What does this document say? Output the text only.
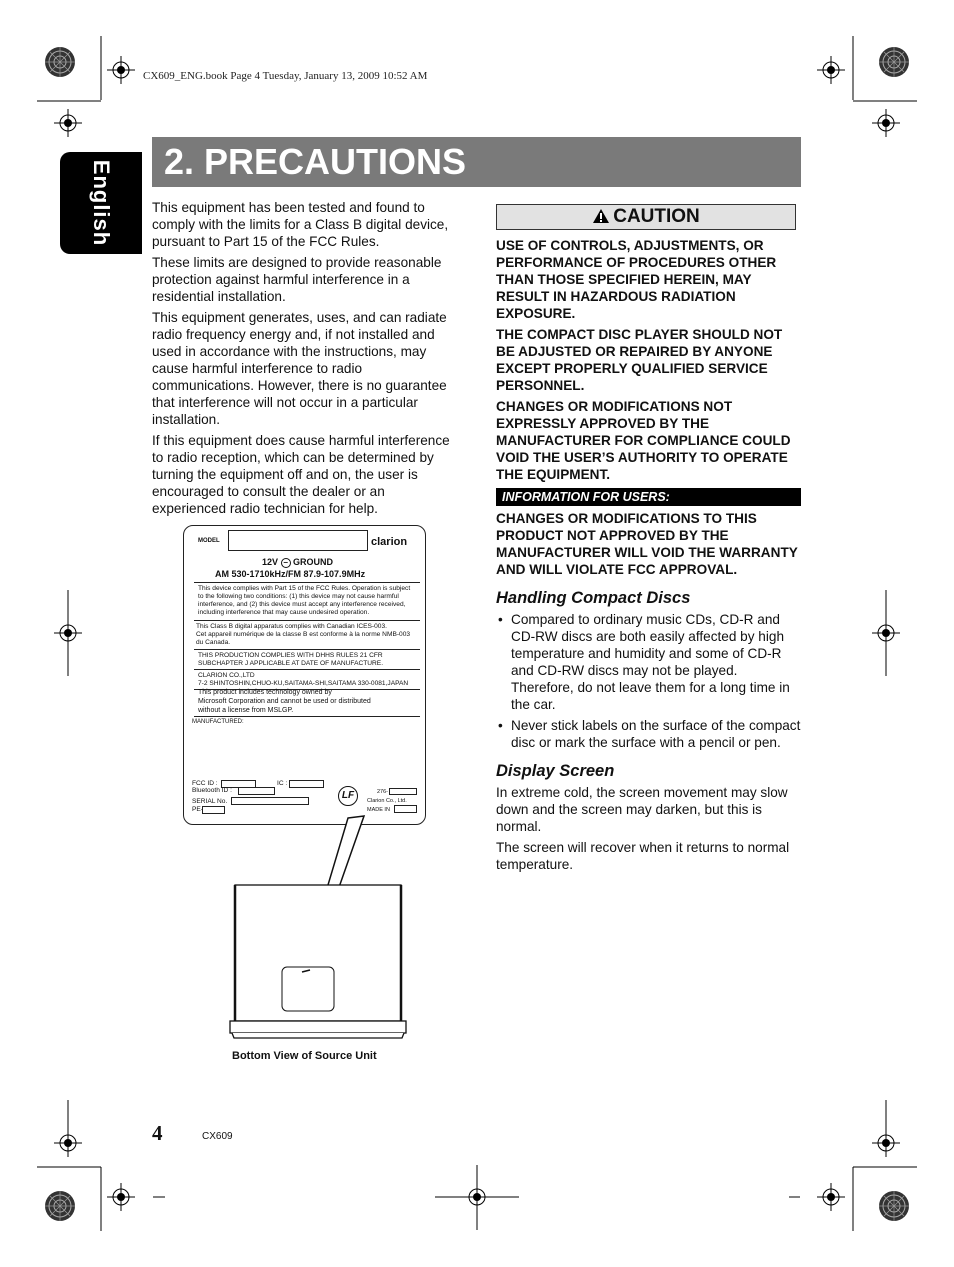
CX609_ENG.book Page 4 Tuesday, January 13, 2009 10:52 AM
English 2. PRECAUTIONS

This equipment has been tested and found to comply with the limits for a Class B digital device, pursuant to Part 15 of the FCC Rules.

These limits are designed to provide reasonable protection against harmful interference in a residential installation.

This equipment generates, uses, and can radiate radio frequency energy and, if not installed and used in accordance with the instructions, may cause harmful interference to radio communications. However, there is no guarantee that interference will not occur in a particular installation.

If this equipment does cause harmful interference to radio reception, which can be determined by turning the equipment off and on, the user is encouraged to consult the dealer or an experienced radio technician for help.

CAUTION

USE OF CONTROLS, ADJUSTMENTS, OR PERFORMANCE OF PROCEDURES OTHER THAN THOSE SPECIFIED HEREIN, MAY RESULT IN HAZARDOUS RADIATION EXPOSURE.

THE COMPACT DISC PLAYER SHOULD NOT BE ADJUSTED OR REPAIRED BY ANYONE EXCEPT PROPERLY QUALIFIED SERVICE PERSONNEL.

CHANGES OR MODIFICATIONS NOT EXPRESSLY APPROVED BY THE MANUFACTURER FOR COMPLIANCE COULD VOID THE USER’S AUTHORITY TO OPERATE THE EQUIPMENT.

INFORMATION FOR USERS:

CHANGES OR MODIFICATIONS TO THIS PRODUCT NOT APPROVED BY THE MANUFACTURER WILL VOID THE WARRANTY AND WILL VIOLATE FCC APPROVAL.

Handling Compact Discs
• Compared to ordinary music CDs, CD-R and CD-RW discs are both easily affected by high temperature and humidity and some of CD-R and CD-RW discs may not be played. Therefore, do not leave them for a long time in the car.
• Never stick labels on the surface of the compact disc or mark the surface with a pencil or pen.
Display Screen

In extreme cold, the screen movement may slow down and the screen may darken, but this is normal.

The screen will recover when it returns to normal temperature.

MODEL	clarion
12V − GROUND
AM 530-1710kHz/FM 87.9-107.9MHz
This device complies with Part 15 of the FCC Rules. Operation is subject
to the following two conditions: (1) this device may not cause harmful
interference, and (2) this device must accept any interference received,
including interference that may cause undesired operation.
This Class B digital apparatus complies with Canadian ICES-003.
Cet appareil numérique de la classe B est conforme à la norme NMB-003
du Canada.
THIS PRODUCTION COMPLIES WITH DHHS RULES 21 CFR
SUBCHAPTER J APPLICABLE AT DATE OF MANUFACTURE.
CLARION CO.,LTD
7-2 SHINTOSHIN,CHUO-KU,SAITAMA-SHI,SAITAMA 330-0081,JAPAN
This product includes technology owned by
Microsoft Corporation and cannot be used or distributed
without a license from MSLGP.
MANUFACTURED:
FCC ID :	IC :
Bluetooth ID :
SERIAL No.
PE-
LF	276-
Clarion Co., Ltd.
MADE IN
Bottom View of Source Unit
4	CX609
